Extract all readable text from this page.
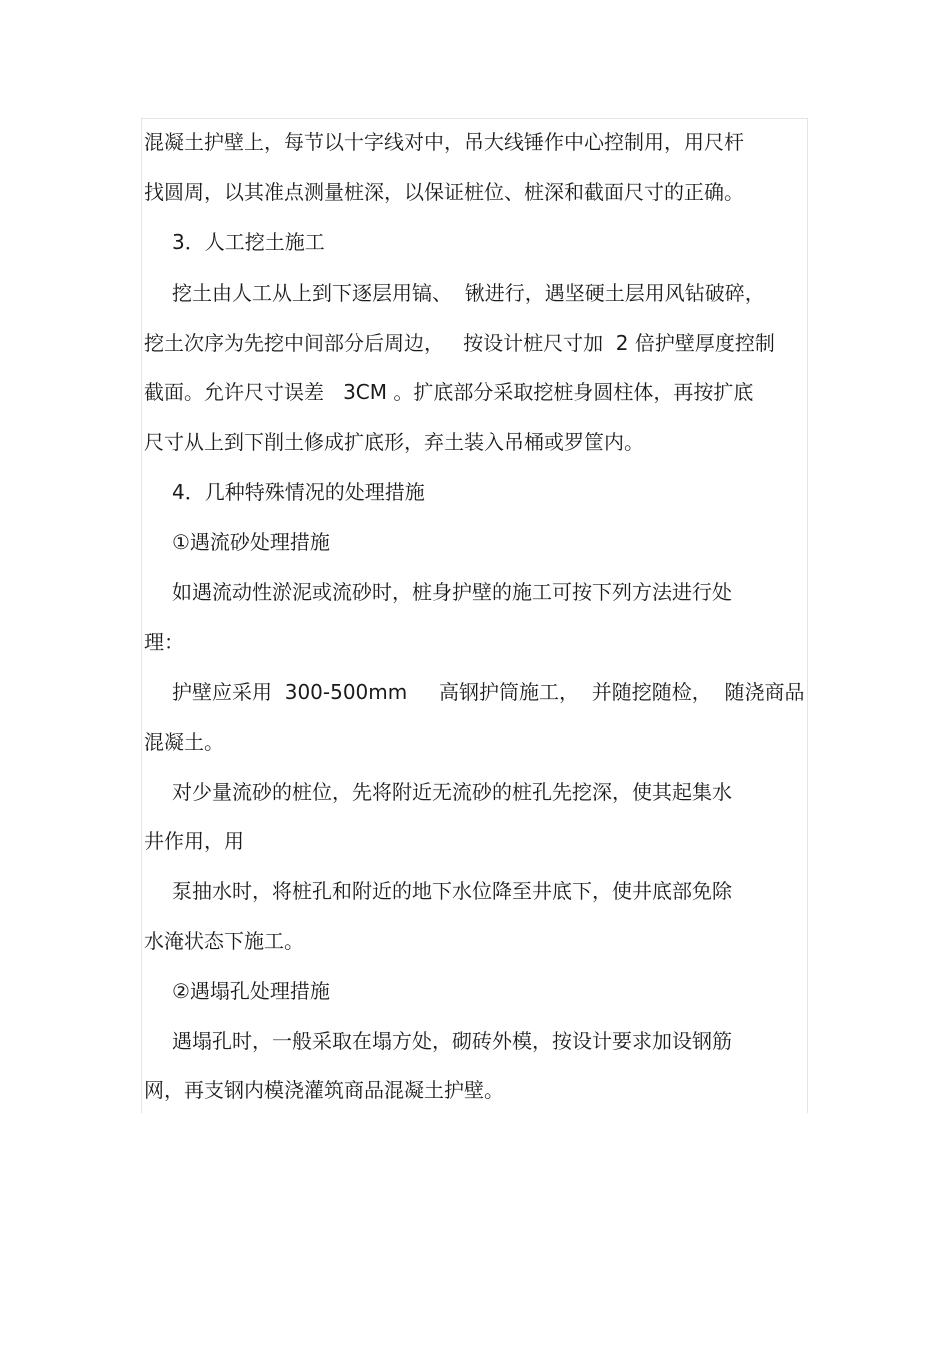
混凝土护壁上，每节以十字线对中，吊大线锤作中心控制用，用尺杆
找圆周，以其准点测量桩深，以保证桩位、桩深和截面尺寸的正确。
3．人工挖土施工
挖土由人工从上到下逐层用镐、  锹进行，遇坚硬土层用风钻破碎，
挖土次序为先挖中间部分后周边，   按设计桩尺寸加  2 倍护壁厚度控制
截面。允许尺寸误差   3CM 。扩底部分采取挖桩身圆柱体，再按扩底
尺寸从上到下削土修成扩底形，弃土装入吊桶或罗筐内。
4．几种特殊情况的处理措施
①遇流砂处理措施
如遇流动性淤泥或流砂时，桩身护壁的施工可按下列方法进行处
理：
护壁应采用  300-500mm     高钢护筒施工，  并随挖随检，  随浇商品
混凝土。
对少量流砂的桩位，先将附近无流砂的桩孔先挖深，使其起集水
井作用，用
泵抽水时，将桩孔和附近的地下水位降至井底下，使井底部免除
水淹状态下施工。
②遇塌孔处理措施
遇塌孔时，一般采取在塌方处，砌砖外模，按设计要求加设钢筋
网，再支钢内模浇灌筑商品混凝土护壁。
